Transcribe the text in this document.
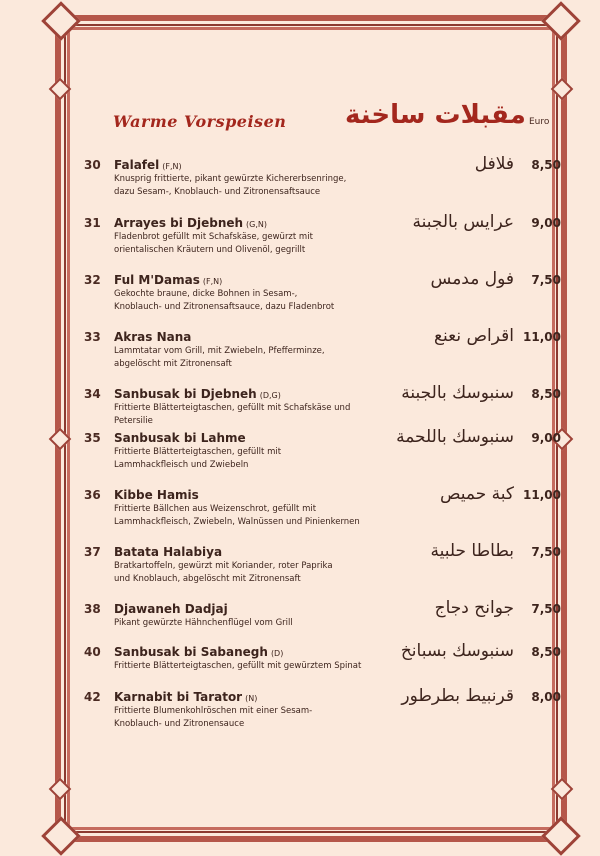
Warme Vorspeisen مقبلات ساخنة Euro
30 Falafel (F,N)
Knusprig frittierte, pikant gewürzte Kichererbsenringe,
dazu Sesam-, Knoblauch- und Zitronensaftsauce
فلافل 8,50
31 Arrayes bi Djebneh (G,N)
Fladenbrot gefüllt mit Schafskäse, gewürzt mit
orientalischen Kräutern und Olivenöl, gegrillt
عرايس بالجبنة 9,00
32 Ful M'Damas (F,N)
Gekochte braune, dicke Bohnen in Sesam-,
Knoblauch- und Zitronensaftsauce, dazu Fladenbrot
فول مدمس 7,50
33 Akras Nana
Lammtatar vom Grill, mit Zwiebeln, Pfefferminze,
abgelöscht mit Zitronensaft
اقراص نعنع 11,00
34 Sanbusak bi Djebneh (D,G)
Frittierte Blätterteigtaschen, gefüllt mit Schafskäse und Petersilie
سنبوسك بالجبنة 8,50
35 Sanbusak bi Lahme
Frittierte Blätterteigtaschen, gefüllt mit
Lammhackfleisch und Zwiebeln
سنبوسك باللحمة 9,00
36 Kibbe Hamis
Frittierte Bällchen aus Weizenschrot, gefüllt mit
Lammhackfleisch, Zwiebeln, Walnüssen und Pinienkernen
كبة حميص 11,00
37 Batata Halabiya
Bratkartoffeln, gewürzt mit Koriander, roter Paprika
und Knoblauch, abgelöscht mit Zitronensaft
بطاطا حلبية 7,50
38 Djawaneh Dadjaj
Pikant gewürzte Hähnchenflügel vom Grill
جوانح دجاج 7,50
40 Sanbusak bi Sabanegh (D)
Frittierte Blätterteigtaschen, gefüllt mit gewürztem Spinat
سنبوسك بسبانخ 8,50
42 Karnabit bi Tarator (N)
Frittierte Blumenkohlröschen mit einer Sesam-
Knoblauch- und Zitronensauce
قرنبيط بطرطور 8,00
